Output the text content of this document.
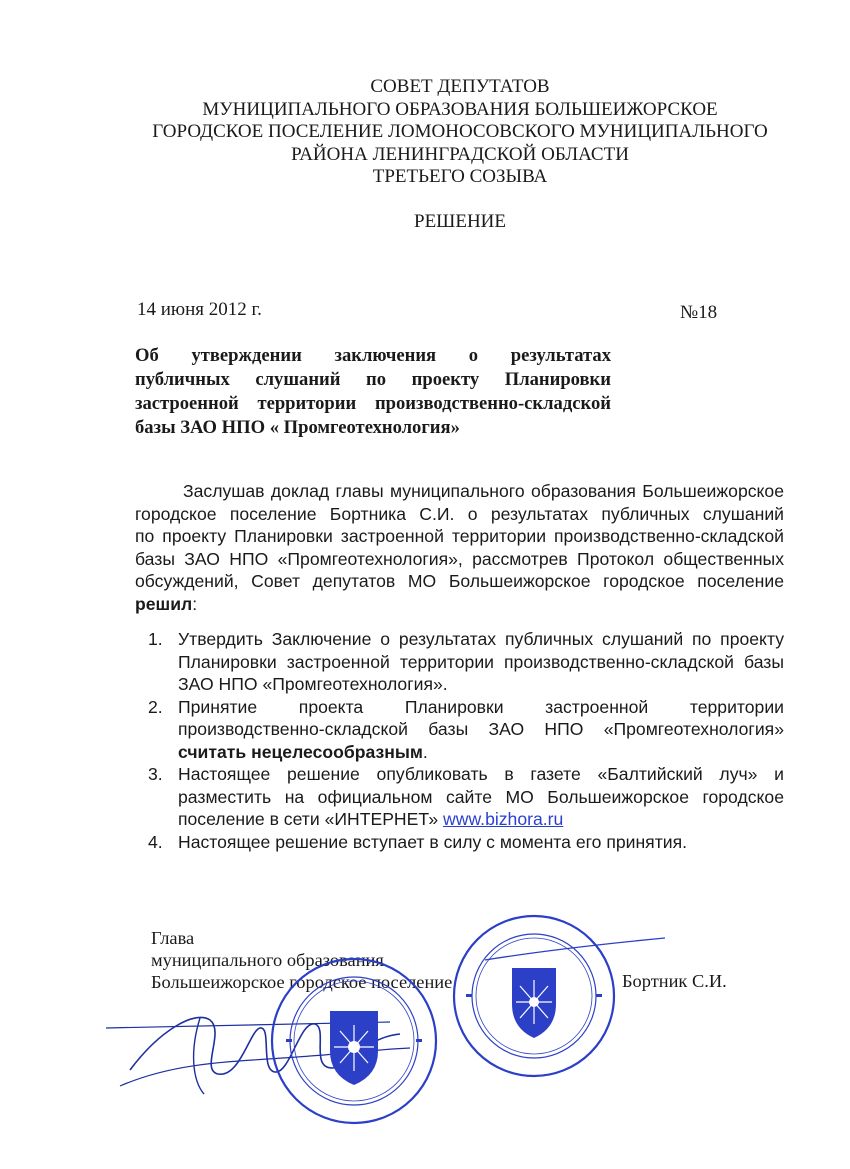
СОВЕТ ДЕПУТАТОВ
МУНИЦИПАЛЬНОГО ОБРАЗОВАНИЯ БОЛЬШЕИЖОРСКОЕ
ГОРОДСКОЕ ПОСЕЛЕНИЕ ЛОМОНОСОВСКОГО МУНИЦИПАЛЬНОГО
РАЙОНА ЛЕНИНГРАДСКОЙ ОБЛАСТИ
ТРЕТЬЕГО СОЗЫВА
РЕШЕНИЕ
14 июня 2012 г.	№18
Об утверждении заключения о результатах
публичных слушаний по проекту Планировки
застроенной территории производственно-складской
базы ЗАО НПО « Промгеотехнология»
Заслушав доклад главы муниципального образования Большеижорское
городское поселение Бортника С.И. о результатах публичных слушаний
по проекту Планировки застроенной территории производственно-складской
базы ЗАО НПО «Промгеотехнология», рассмотрев Протокол общественных
обсуждений, Совет депутатов МО Большеижорское городское поселение
решил:
1. Утвердить Заключение о результатах публичных слушаний по проекту
Планировки застроенной территории производственно-складской базы
ЗАО НПО «Промгеотехнология».
2. Принятие проекта Планировки застроенной территории
производственно-складской базы ЗАО НПО «Промгеотехнология»
считать нецелесообразным.
3. Настоящее решение опубликовать в газете «Балтийский луч» и
разместить на официальном сайте МО Большеижорское городское
поселение в сети «ИНТЕРНЕТ» www.bizhora.ru
4. Настоящее решение вступает в силу с момента его принятия.
Глава
муниципального образования
Большеижорское городское поселение	Бортник С.И.
